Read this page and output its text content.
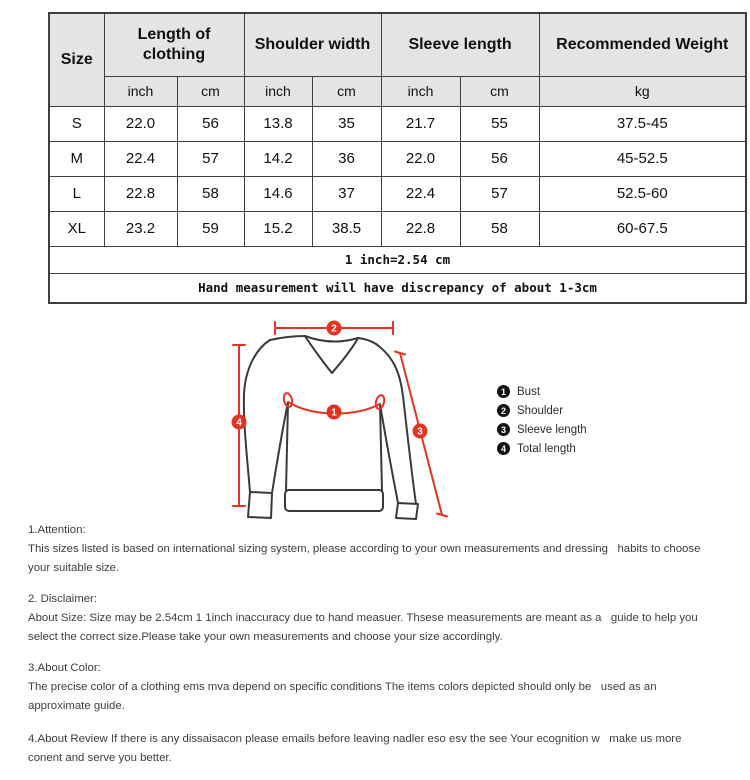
Size	Length of clothing		Shoulder width		Sleeve length		Recommended Weight
	inch	cm	inch	cm	inch	cm	kg
S	22.0	56	13.8	35	21.7	55	37.5-45
M	22.4	57	14.2	36	22.0	56	45-52.5
L	22.8	58	14.6	37	22.4	57	52.5-60
XL	23.2	59	15.2	38.5	22.8	58	60-67.5
1 inch=2.54 cm							
Hand measurement will have discrepancy of about 1-3cm							
2
4
3
1
1 Bust
2 Shoulder
3 Sleeve length
4 Total length
1.Attention:
This sizes listed is based on international sizing system, please according to your own measurements and dressing   habits to choose
your suitable size.
2. Disclaimer:
About Size: Size may be 2.54cm 1 1inch inaccuracy due to hand measuer. Thsese measurements are meant as a   guide to help you
select the correct size.Please take your own measurements and choose your size accordingly.
3.About Color:
The precise color of a clothing ems mva depend on specific conditions The items colors depicted should only be   used as an
approximate guide.
4.About Review If there is any dissaisacon please emails before leaving nadler eso esv the see Your ecognition w   make us more
conent and serve you better.
